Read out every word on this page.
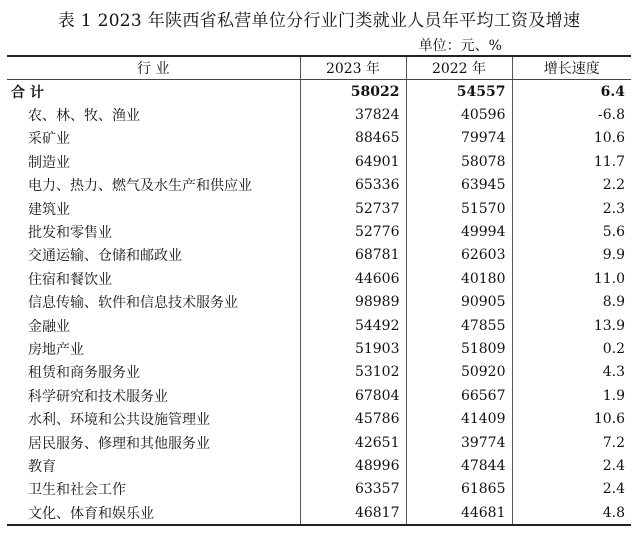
表 1 2023 年陕西省私营单位分行业门类就业人员年平均工资及增速
单位：元、%
行 业	2023 年	2022 年	增长速度
合 计	58022	54557	6.4
农、林、牧、渔业	37824	40596	-6.8
采矿业	88465	79974	10.6
制造业	64901	58078	11.7
电力、热力、燃气及水生产和供应业	65336	63945	2.2
建筑业	52737	51570	2.3
批发和零售业	52776	49994	5.6
交通运输、仓储和邮政业	68781	62603	9.9
住宿和餐饮业	44606	40180	11.0
信息传输、软件和信息技术服务业	98989	90905	8.9
金融业	54492	47855	13.9
房地产业	51903	51809	0.2
租赁和商务服务业	53102	50920	4.3
科学研究和技术服务业	67804	66567	1.9
水利、环境和公共设施管理业	45786	41409	10.6
居民服务、修理和其他服务业	42651	39774	7.2
教育	48996	47844	2.4
卫生和社会工作	63357	61865	2.4
文化、体育和娱乐业	46817	44681	4.8
